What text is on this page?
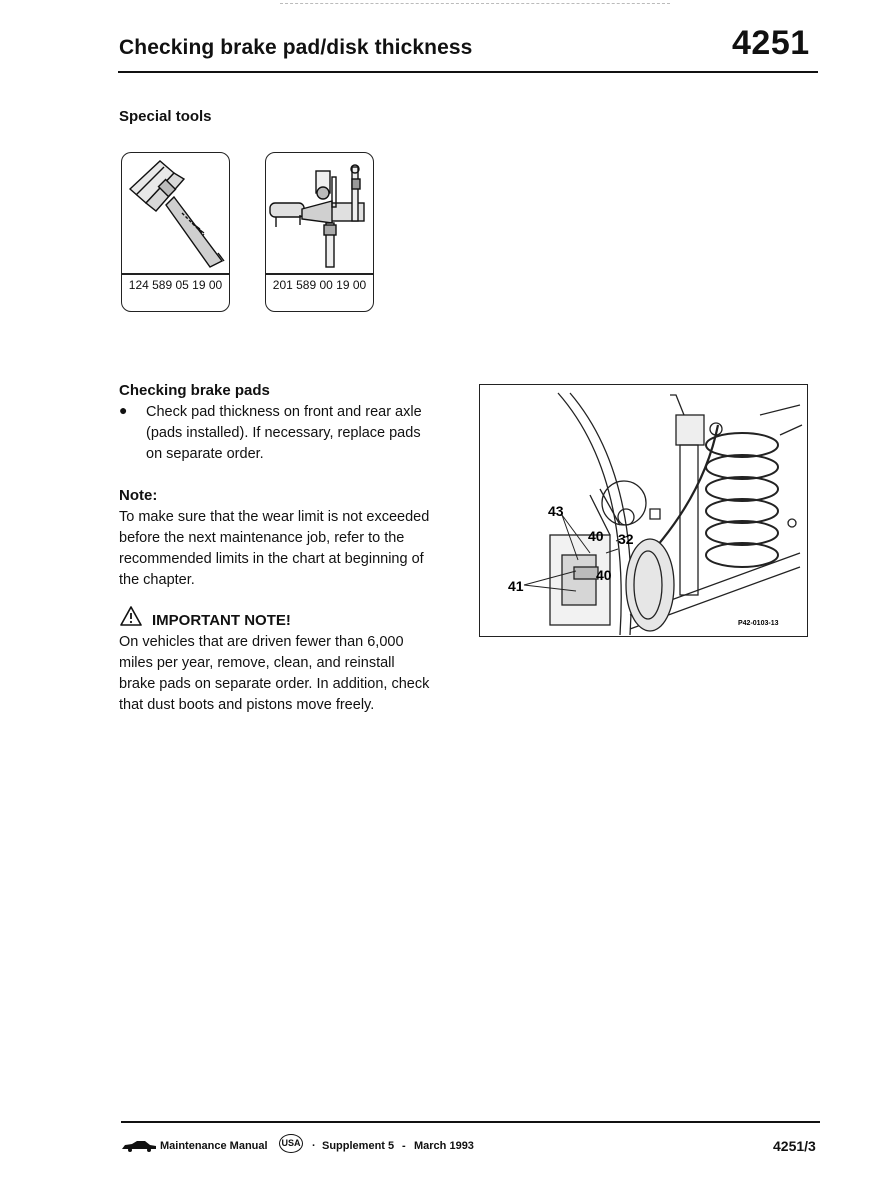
Checking brake pad/disk thickness	4251
Special tools
124 589 05 19 00	201 589 00 19 00
Checking brake pads
● Check pad thickness on front and rear axle
(pads installed). If necessary, replace pads
on separate order.
Note:
To make sure that the wear limit is not exceeded
before the next maintenance job, refer to the
recommended limits in the chart at beginning of
the chapter.
IMPORTANT NOTE!
On vehicles that are driven fewer than 6,000
miles per year, remove, clean, and reinstall
brake pads on separate order. In addition, check
that dust boots and pistons move freely.
43
40 32
40
41
P42-0103-13
Maintenance Manual USA · Supplement 5 - March 1993	4251/3
